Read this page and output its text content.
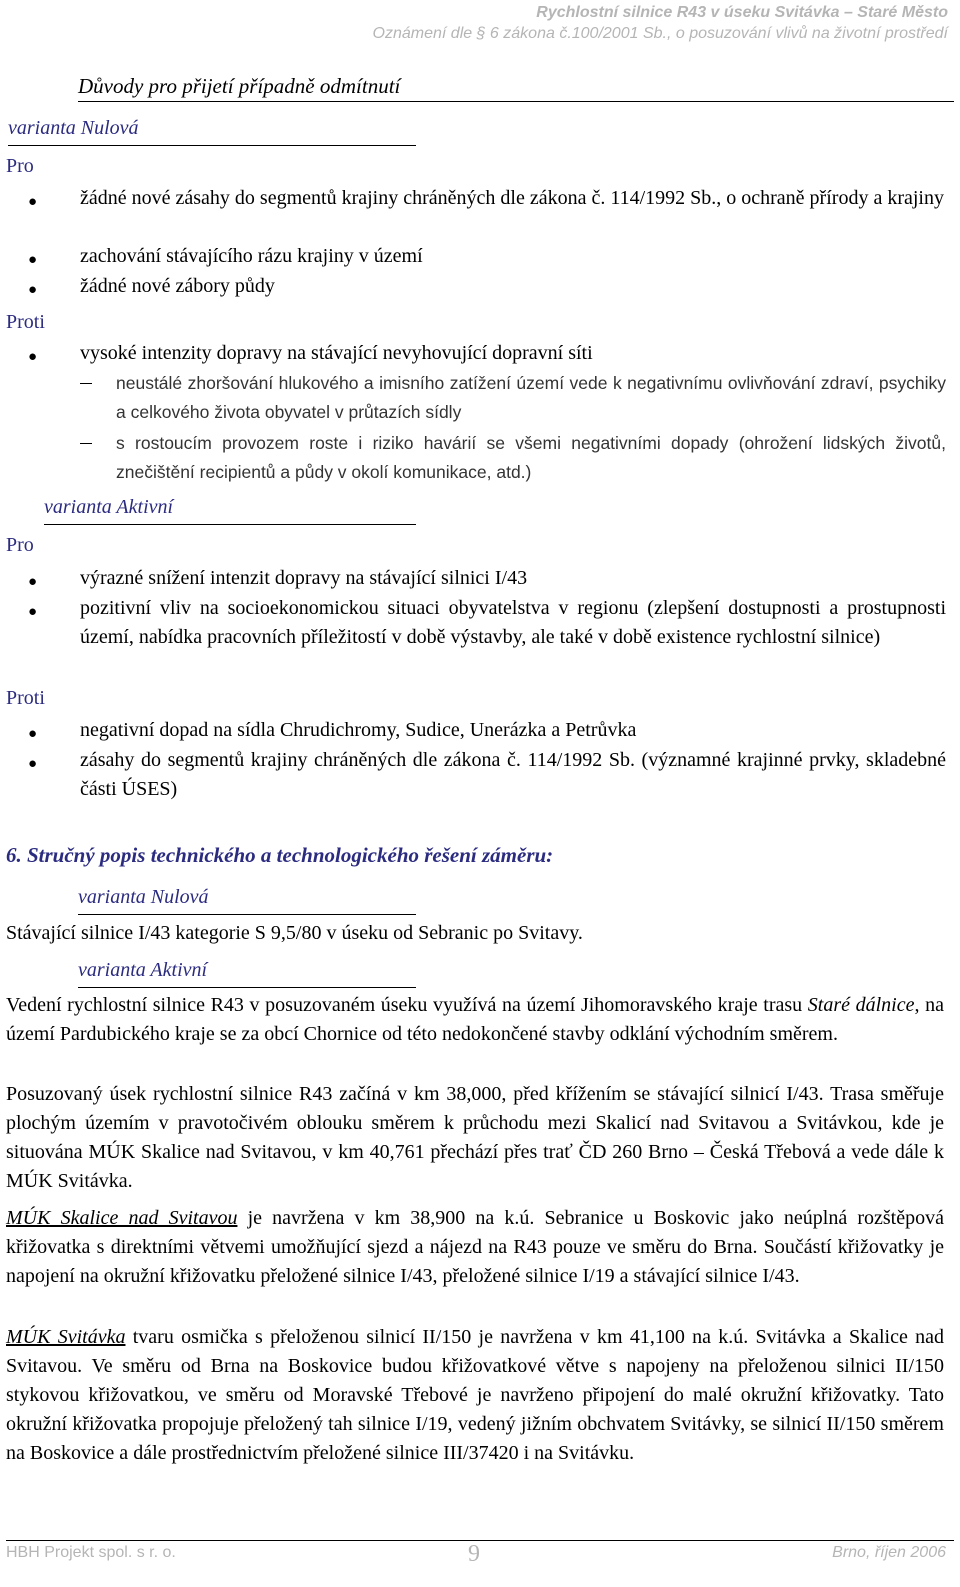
Rychlostní silnice R43 v úseku Svitávka – Staré Město
Oznámení dle § 6 zákona č.100/2001 Sb., o posuzování vlivů na životní prostředí
Důvody pro přijetí případně odmítnutí
varianta Nulová
Pro
● žádné nové zásahy do segmentů krajiny chráněných dle zákona č. 114/1992 Sb., o ochraně přírody a krajiny
● zachování stávajícího rázu krajiny v území
● žádné nové zábory půdy
Proti
● vysoké intenzity dopravy na stávající nevyhovující dopravní síti
neustálé zhoršování hlukového a imisního zatížení území vede k negativnímu ovlivňování zdraví, psychiky a celkového života obyvatel v průtazích sídly
s rostoucím provozem roste i riziko havárií se všemi negativními dopady (ohrožení lidských životů, znečištění recipientů a půdy v okolí komunikace, atd.)
varianta Aktivní
Pro
● výrazné snížení intenzit dopravy na stávající silnici I/43
● pozitivní vliv na socioekonomickou situaci obyvatelstva v regionu (zlepšení dostupnosti a prostupnosti území, nabídka pracovních příležitostí v době výstavby, ale také v době existence rychlostní silnice)
Proti
● negativní dopad na sídla Chrudichromy, Sudice, Unerázka a Petrůvka
● zásahy do segmentů krajiny chráněných dle zákona č. 114/1992 Sb. (významné krajinné prvky, skladebné části ÚSES)
6. Stručný popis technického a technologického řešení záměru:
varianta Nulová
Stávající silnice I/43 kategorie S 9,5/80 v úseku od Sebranic po Svitavy.
varianta Aktivní
Vedení rychlostní silnice R43 v posuzovaném úseku využívá na území Jihomoravského kraje trasu Staré dálnice, na území Pardubického kraje se za obcí Chornice od této nedokončené stavby odklání východním směrem.
Posuzovaný úsek rychlostní silnice R43 začíná v km 38,000, před křížením se stávající silnicí I/43. Trasa směřuje plochým územím v pravotočivém oblouku směrem k průchodu mezi Skalicí nad Svitavou a Svitávkou, kde je situována MÚK Skalice nad Svitavou, v km 40,761 přechází přes trať ČD 260 Brno – Česká Třebová a vede dále k MÚK Svitávka.
MÚK Skalice nad Svitavou je navržena v km 38,900 na k.ú. Sebranice u Boskovic jako neúplná rozštěpová křižovatka s direktními větvemi umožňující sjezd a nájezd na R43 pouze ve směru do Brna. Součástí křižovatky je napojení na okružní křižovatku přeložené silnice I/43, přeložené silnice I/19 a stávající silnice I/43.
MÚK Svitávka tvaru osmička s přeloženou silnicí II/150 je navržena v km 41,100 na k.ú. Svitávka a Skalice nad Svitavou. Ve směru od Brna na Boskovice budou křižovatkové větve s napojeny na přeloženou silnici II/150 stykovou křižovatkou, ve směru od Moravské Třebové je navrženo připojení do malé okružní křižovatky. Tato okružní křižovatka propojuje přeložený tah silnice I/19, vedený jižním obchvatem Svitávky, se silnicí II/150 směrem na Boskovice a dále prostřednictvím přeložené silnice III/37420 i na Svitávku.
HBH Projekt spol. s r. o.	9	Brno, říjen 2006
